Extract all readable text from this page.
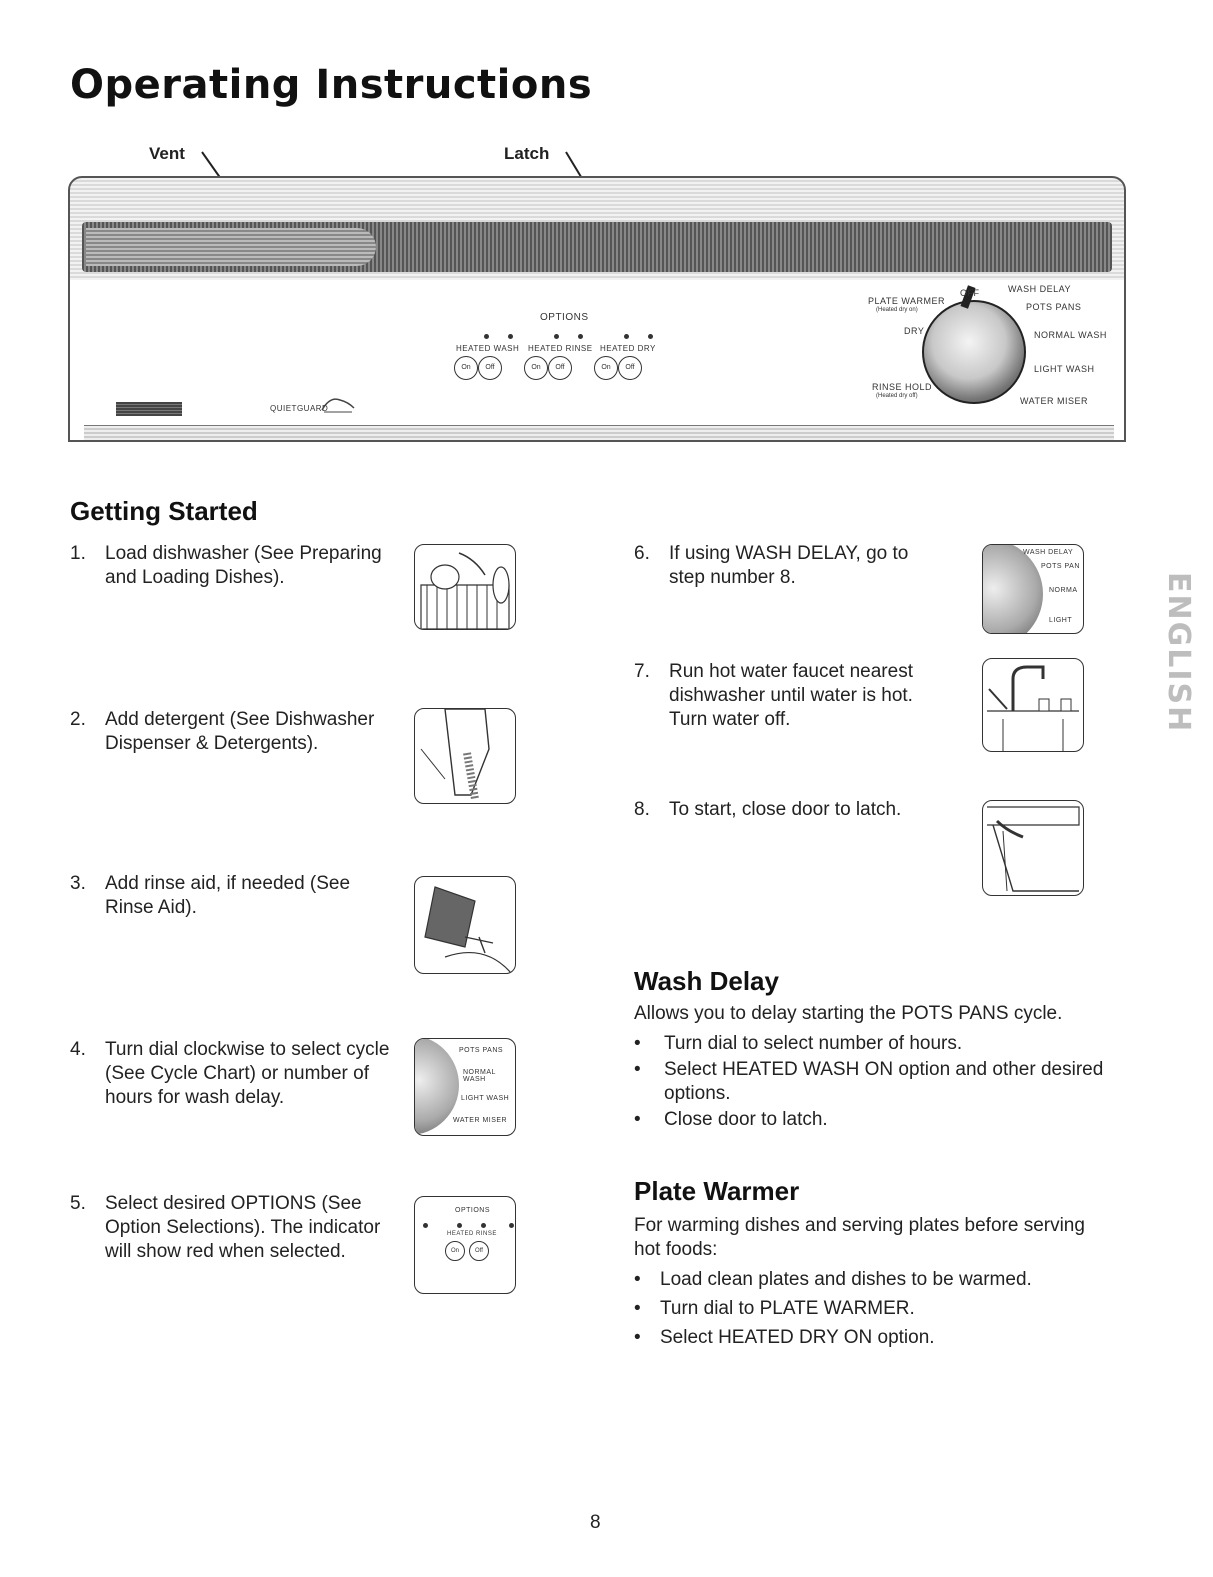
Operating Instructions
Vent	Latch
OPTIONS
HEATED WASH HEATED RINSE HEATED DRY
On	Off	On	Off	On	Off
QUIETGUARD
OFF	WASH DELAY
PLATE WARMER
(Heated dry on)
DRY
POTS PANS
NORMAL WASH
LIGHT WASH
RINSE HOLD
(Heated dry off)	WATER MISER
Getting Started
1. Load dishwasher (See Preparing
and Loading Dishes).
2. Add detergent (See Dishwasher
Dispenser & Detergents).
3. Add rinse aid, if needed (See
Rinse Aid).
4. Turn dial clockwise to select cycle
(See Cycle Chart) or number of
hours for wash delay.
POTS PANS
NORMAL WASH
LIGHT WASH
WATER MISER
5. Select desired OPTIONS (See
Option Selections). The indicator
will show red when selected.
OPTIONS
HEATED RINSE
On	Off
6. If using WASH DELAY, go to
step number 8.
WASH DELAY
POTS PAN
NORMA
LIGHT
7. Run hot water faucet nearest
dishwasher until water is hot.
Turn water off.
8. To start, close door to latch.
Wash Delay
Allows you to delay starting the POTS PANS cycle.
• Turn dial to select number of hours.
• Select HEATED WASH ON option and other desired
options.
• Close door to latch.
Plate Warmer
For warming dishes and serving plates before serving
hot foods:
• Load clean plates and dishes to be warmed.
• Turn dial to PLATE WARMER.
• Select HEATED DRY ON option.
ENGLISH
8
